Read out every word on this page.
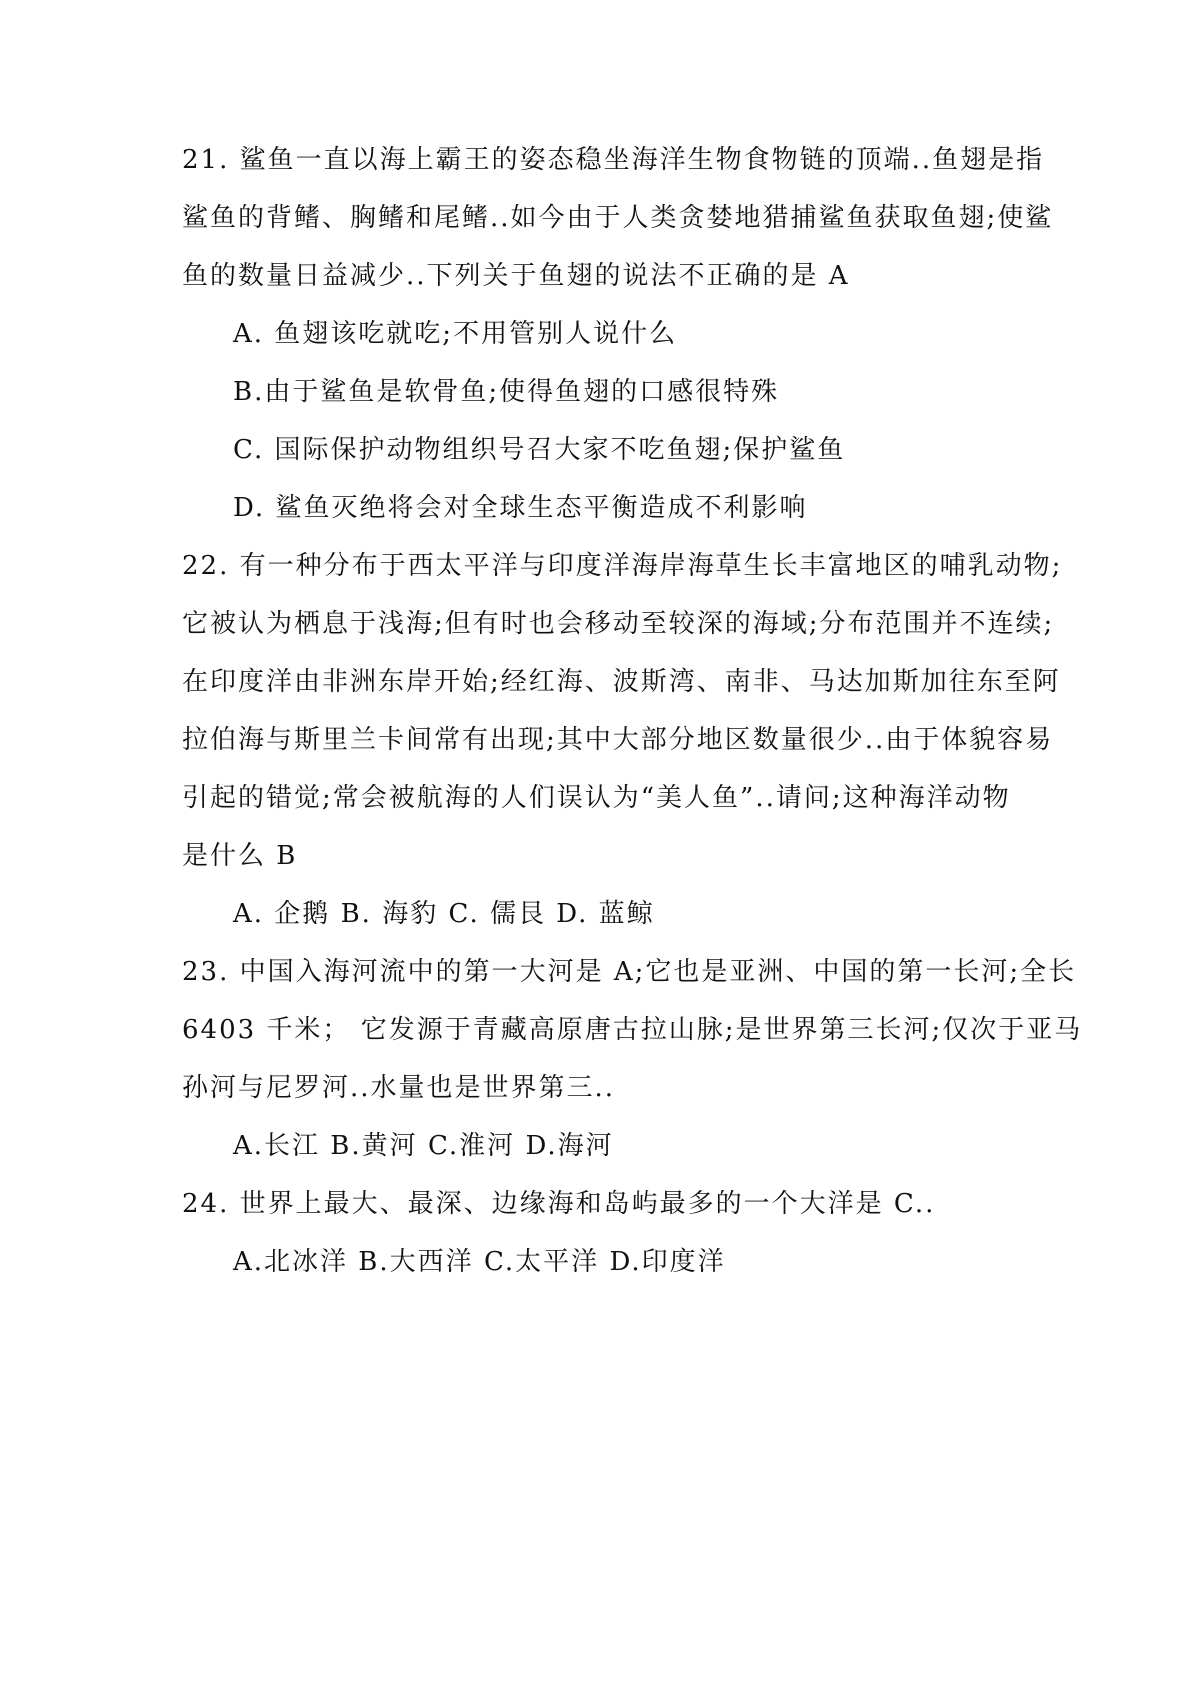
21. 鲨鱼一直以海上霸王的姿态稳坐海洋生物食物链的顶端..鱼翅是指
鲨鱼的背鳍、胸鳍和尾鳍..如今由于人类贪婪地猎捕鲨鱼获取鱼翅;使鲨
鱼的数量日益减少..下列关于鱼翅的说法不正确的是 A
A. 鱼翅该吃就吃;不用管别人说什么
B.由于鲨鱼是软骨鱼;使得鱼翅的口感很特殊
C. 国际保护动物组织号召大家不吃鱼翅;保护鲨鱼
D. 鲨鱼灭绝将会对全球生态平衡造成不利影响
22. 有一种分布于西太平洋与印度洋海岸海草生长丰富地区的哺乳动物;
它被认为栖息于浅海;但有时也会移动至较深的海域;分布范围并不连续;
在印度洋由非洲东岸开始;经红海、波斯湾、南非、马达加斯加往东至阿
拉伯海与斯里兰卡间常有出现;其中大部分地区数量很少..由于体貌容易
引起的错觉;常会被航海的人们误认为“美人鱼”..请问;这种海洋动物
是什么 B
A. 企鹅 B. 海豹 C. 儒艮 D. 蓝鲸
23. 中国入海河流中的第一大河是 A;它也是亚洲、中国的第一长河;全长
6403 千米； 它发源于青藏高原唐古拉山脉;是世界第三长河;仅次于亚马
孙河与尼罗河..水量也是世界第三..
A.长江 B.黄河 C.淮河 D.海河
24. 世界上最大、最深、边缘海和岛屿最多的一个大洋是 C..
A.北冰洋 B.大西洋 C.太平洋 D.印度洋
